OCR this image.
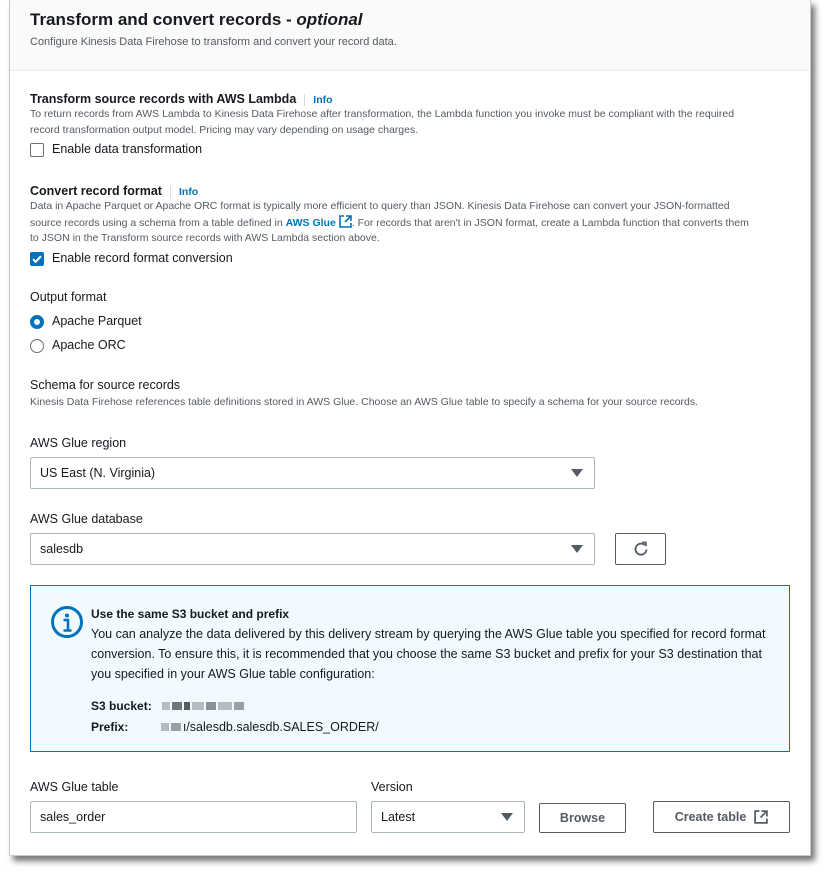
Transform and convert records - optional
Configure Kinesis Data Firehose to transform and convert your record data.
Transform source records with AWS Lambda Info
To return records from AWS Lambda to Kinesis Data Firehose after transformation, the Lambda function you invoke must be compliant with the required
record transformation output model. Pricing may vary depending on usage charges.
Enable data transformation
Convert record format Info
Data in Apache Parquet or Apache ORC format is typically more efficient to query than JSON. Kinesis Data Firehose can convert your JSON-formatted
source records using a schema from a table defined in AWS Glue . For records that aren't in JSON format, create a Lambda function that converts them
to JSON in the Transform source records with AWS Lambda section above.
Enable record format conversion
Output format
Apache Parquet
Apache ORC
Schema for source records
Kinesis Data Firehose references table definitions stored in AWS Glue. Choose an AWS Glue table to specify a schema for your source records.
AWS Glue region
US East (N. Virginia)
AWS Glue database
salesdb
Use the same S3 bucket and prefix
You can analyze the data delivered by this delivery stream by querying the AWS Glue table you specified for record format conversion. To ensure this, it is recommended that you choose the same S3 bucket and prefix for your S3 destination that you specified in your AWS Glue table configuration:
S3 bucket:
Prefix:	ı/salesdb.salesdb.SALES_ORDER/
AWS Glue table
sales_order
Version
Latest	Browse	Create table
